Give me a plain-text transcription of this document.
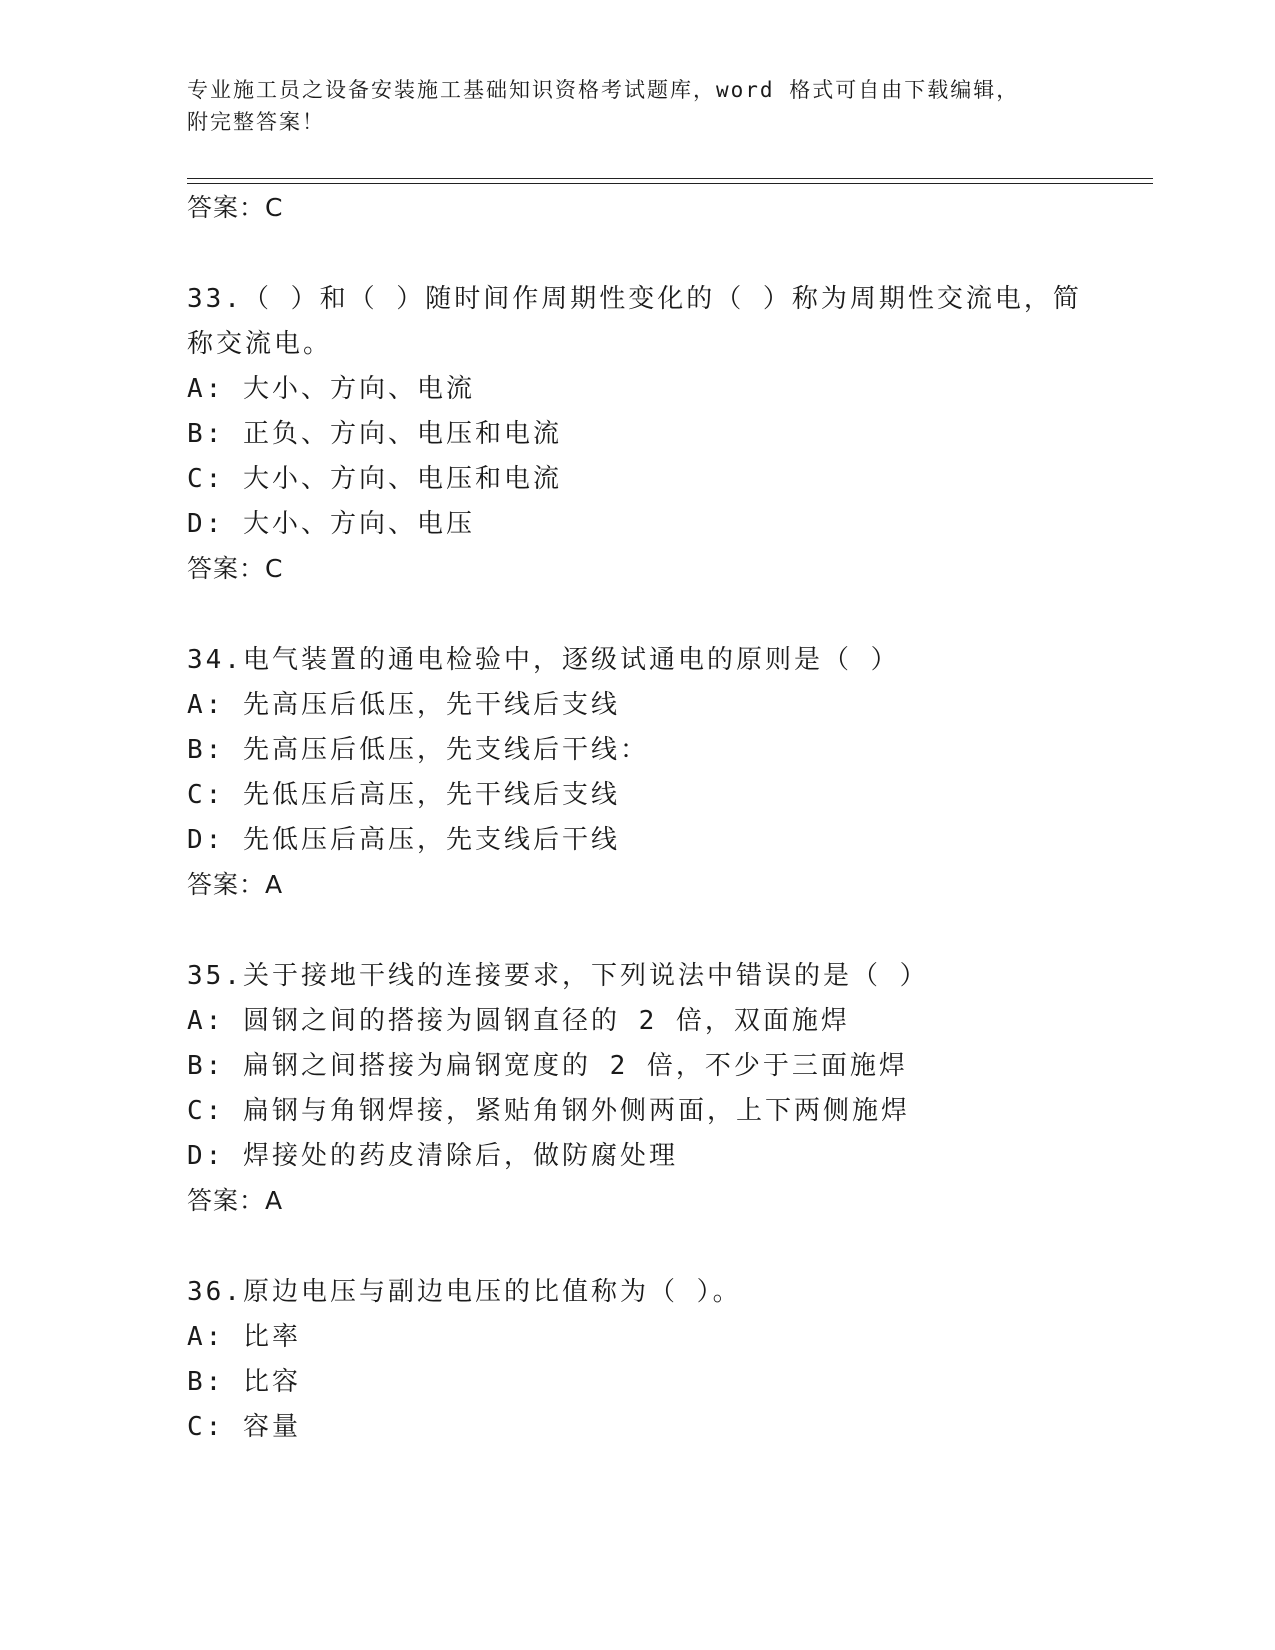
专业施工员之设备安装施工基础知识资格考试题库，word 格式可自由下载编辑，
附完整答案！
答案：C
33.（ ）和（ ）随时间作周期性变化的（ ）称为周期性交流电，简
称交流电。
A: 大小、方向、电流
B: 正负、方向、电压和电流
C: 大小、方向、电压和电流
D: 大小、方向、电压
答案：C
34.电气装置的通电检验中，逐级试通电的原则是（ ）
A: 先高压后低压，先干线后支线
B: 先高压后低压，先支线后干线：
C: 先低压后高压，先干线后支线
D: 先低压后高压，先支线后干线
答案：A
35.关于接地干线的连接要求，下列说法中错误的是（ ）
A: 圆钢之间的搭接为圆钢直径的 2 倍，双面施焊
B: 扁钢之间搭接为扁钢宽度的 2 倍，不少于三面施焊
C: 扁钢与角钢焊接，紧贴角钢外侧两面，上下两侧施焊
D: 焊接处的药皮清除后，做防腐处理
答案：A
36.原边电压与副边电压的比值称为（ ）。
A: 比率
B: 比容
C: 容量
